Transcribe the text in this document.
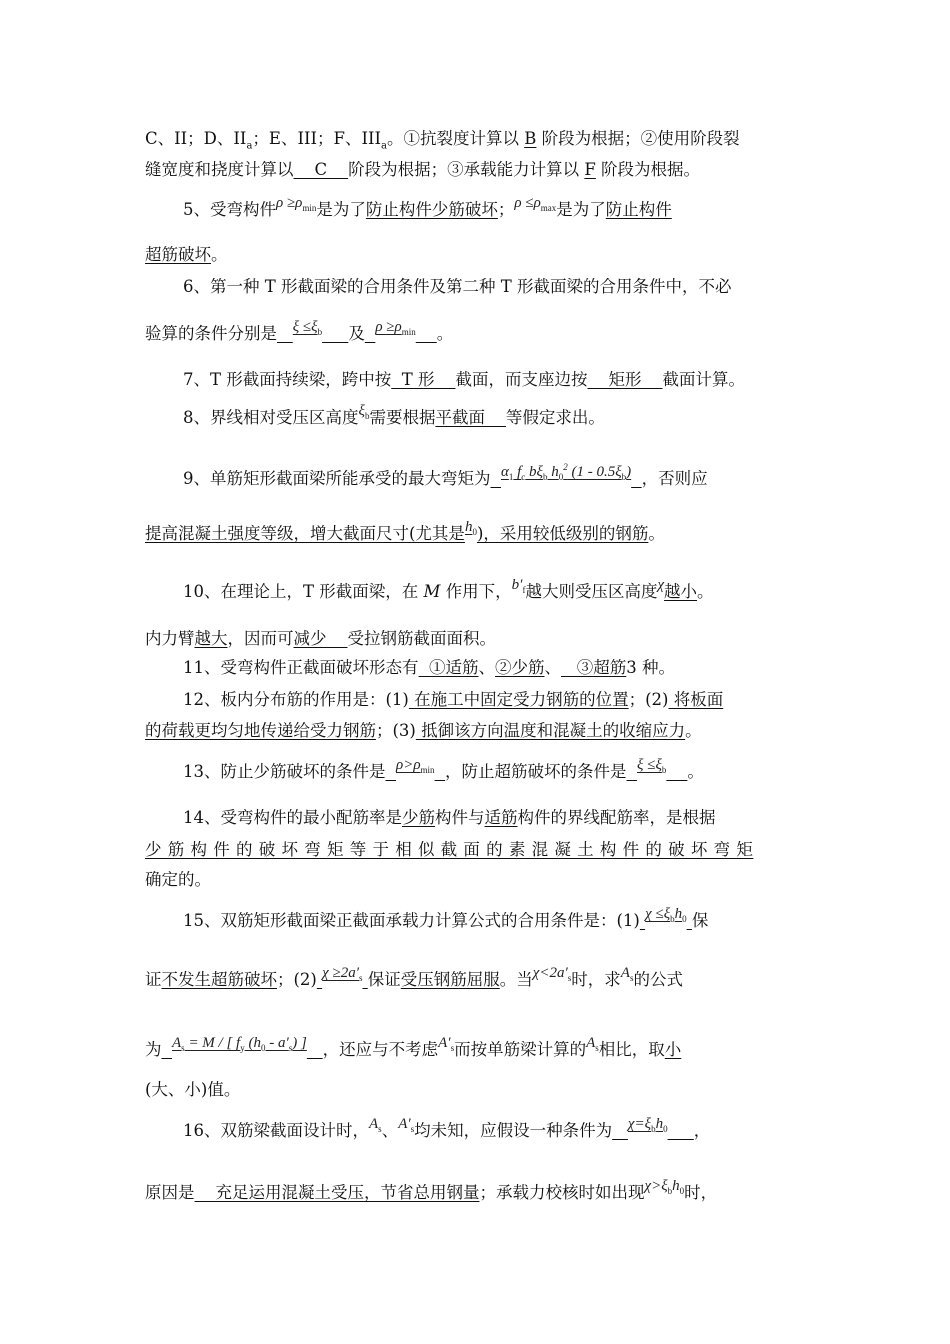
C、II；D、$II_a$；E、III；F、$III_a$。①抗裂度计算以 B 阶段为根据；②使用阶段裂
缝宽度和挠度计算以    C    阶段为根据；③承载能力计算以 F 阶段为根据。
5、受弯构件$\rho \ge\rho_{min}$是为了防止构件少筋破坏；$\rho \le\rho_{max}$是为了防止构件
超筋破坏。
6、第一种 T 形截面梁的合用条件及第二种 T 形截面梁的合用条件中，不必
验算的条件分别是 $\xi \le\xi_b$ 及 $\rho \ge\rho_{min}$ 。
7、T 形截面持续梁，跨中按  T 形    截面，而支座边按    矩形    截面计算。
8、界线相对受压区高度$\xi_b$需要根据平截面    等假定求出。
9、单筋矩形截面梁所能承受的最大弯矩为 $\alpha_1$ $f_c$ $b\xi_b$ $h_0^2$ $(1 - 0.5\xi_b)$ ，否则应
提高混凝土强度等级，增大截面尺寸(尤其是$h_0$)，采用较低级别的钢筋。
10、在理论上，T 形截面梁，在 M 作用下，$b'_f$越大则受压区高度χ越小。
内力臂越大，因而可减少    受拉钢筋截面面积。
11、受弯构件正截面破坏形态有  ①适筋、②少筋、   ③超筋3 种。
12、板内分布筋的作用是：(1) 在施工中固定受力钢筋的位置；(2) 将板面
的荷载更均匀地传递给受力钢筋；(3) 抵御该方向温度和混凝土的收缩应力。
13、防止少筋破坏的条件是 $\rho>\rho_{min}$ ，防止超筋破坏的条件是 $\xi \le\xi_b$ 。
14、受弯构件的最小配筋率是少筋构件与适筋构件的界线配筋率，是根据
少 筋 构 件 的 破 坏 弯 矩 等 于 相 似 截 面 的 素 混 凝 土 构 件 的 破 坏 弯 矩
确定的。
15、双筋矩形截面梁正截面承载力计算公式的合用条件是：(1) $\chi \le\xi_bh_0$ 保
证不发生超筋破坏；(2) $\chi \ge 2a'_s$ 保证受压钢筋屈服。当$\chi<2a'_s$时，求$A_s$的公式
为 $A_s = M$ / [ $f_y$ $(h_0 - a'_s)$ ] ，还应与不考虑$A'_s$而按单筋梁计算的$A_s$相比，取小
(大、小)值。
16、双筋梁截面设计时，$A_s$、$A'_s$均未知，应假设一种条件为 $\chi=\xi_bh_0$ ，
原因是    充足运用混凝土受压，节省总用钢量；承载力校核时如出现$\chi>\xi_bh_0$时，
